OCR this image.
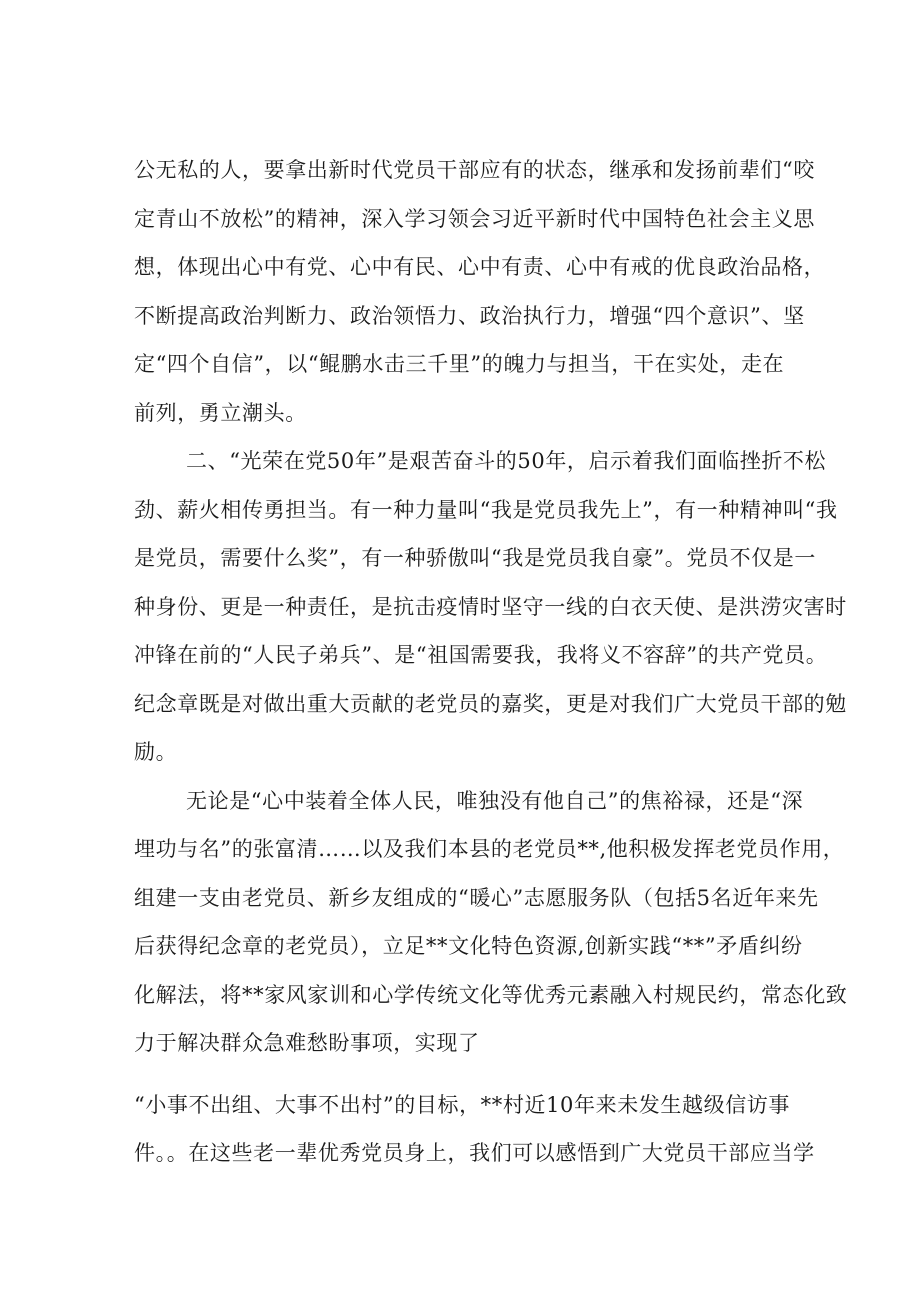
公无私的人，要拿出新时代党员干部应有的状态，继承和发扬前辈们“咬
定青山不放松”的精神，深入学习领会习近平新时代中国特色社会主义思
想，体现出心中有党、心中有民、心中有责、心中有戒的优良政治品格，
不断提高政治判断力、政治领悟力、政治执行力，增强“四个意识”、坚
定“四个自信”，以“鲲鹏水击三千里”的魄力与担当，干在实处，走在
前列，勇立潮头。
二、“光荣在党50年”是艰苦奋斗的50年，启示着我们面临挫折不松
劲、薪火相传勇担当。有一种力量叫“我是党员我先上”，有一种精神叫“我
是党员，需要什么奖”，有一种骄傲叫“我是党员我自豪”。党员不仅是一
种身份、更是一种责任，是抗击疫情时坚守一线的白衣天使、是洪涝灾害时
冲锋在前的“人民子弟兵”、是“祖国需要我，我将义不容辞”的共产党员。
纪念章既是对做出重大贡献的老党员的嘉奖，更是对我们广大党员干部的勉
励。
无论是“心中装着全体人民，唯独没有他自己”的焦裕禄，还是“深
埋功与名”的张富清……以及我们本县的老党员**,他积极发挥老党员作用，
组建一支由老党员、新乡友组成的“暖心”志愿服务队（包括5名近年来先
后获得纪念章的老党员），立足**文化特色资源,创新实践“**”矛盾纠纷
化解法，将**家风家训和心学传统文化等优秀元素融入村规民约，常态化致
力于解决群众急难愁盼事项，实现了
“小事不出组、大事不出村”的目标，**村近10年来未发生越级信访事
件。。在这些老一辈优秀党员身上，我们可以感悟到广大党员干部应当学
